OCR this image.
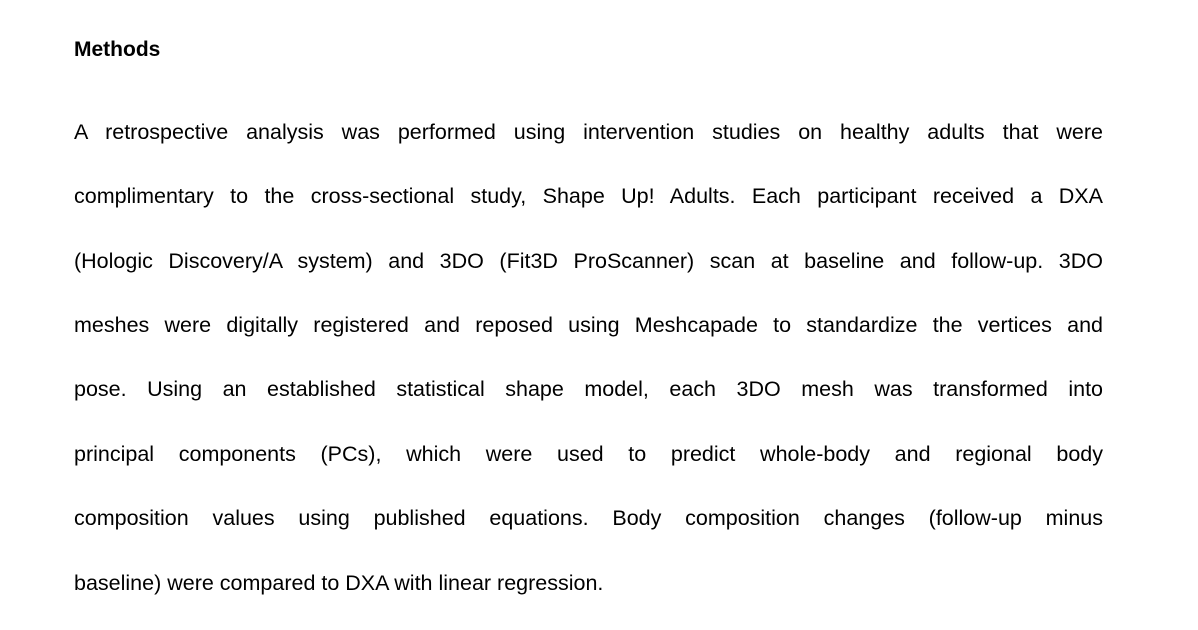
Methods
A retrospective analysis was performed using intervention studies on healthy adults that were
complimentary to the cross-sectional study, Shape Up! Adults. Each participant received a DXA
(Hologic Discovery/A system) and 3DO (Fit3D ProScanner) scan at baseline and follow-up. 3DO
meshes were digitally registered and reposed using Meshcapade to standardize the vertices and
pose. Using an established statistical shape model, each 3DO mesh was transformed into
principal components (PCs), which were used to predict whole-body and regional body
composition values using published equations. Body composition changes (follow-up minus
baseline) were compared to DXA with linear regression.
